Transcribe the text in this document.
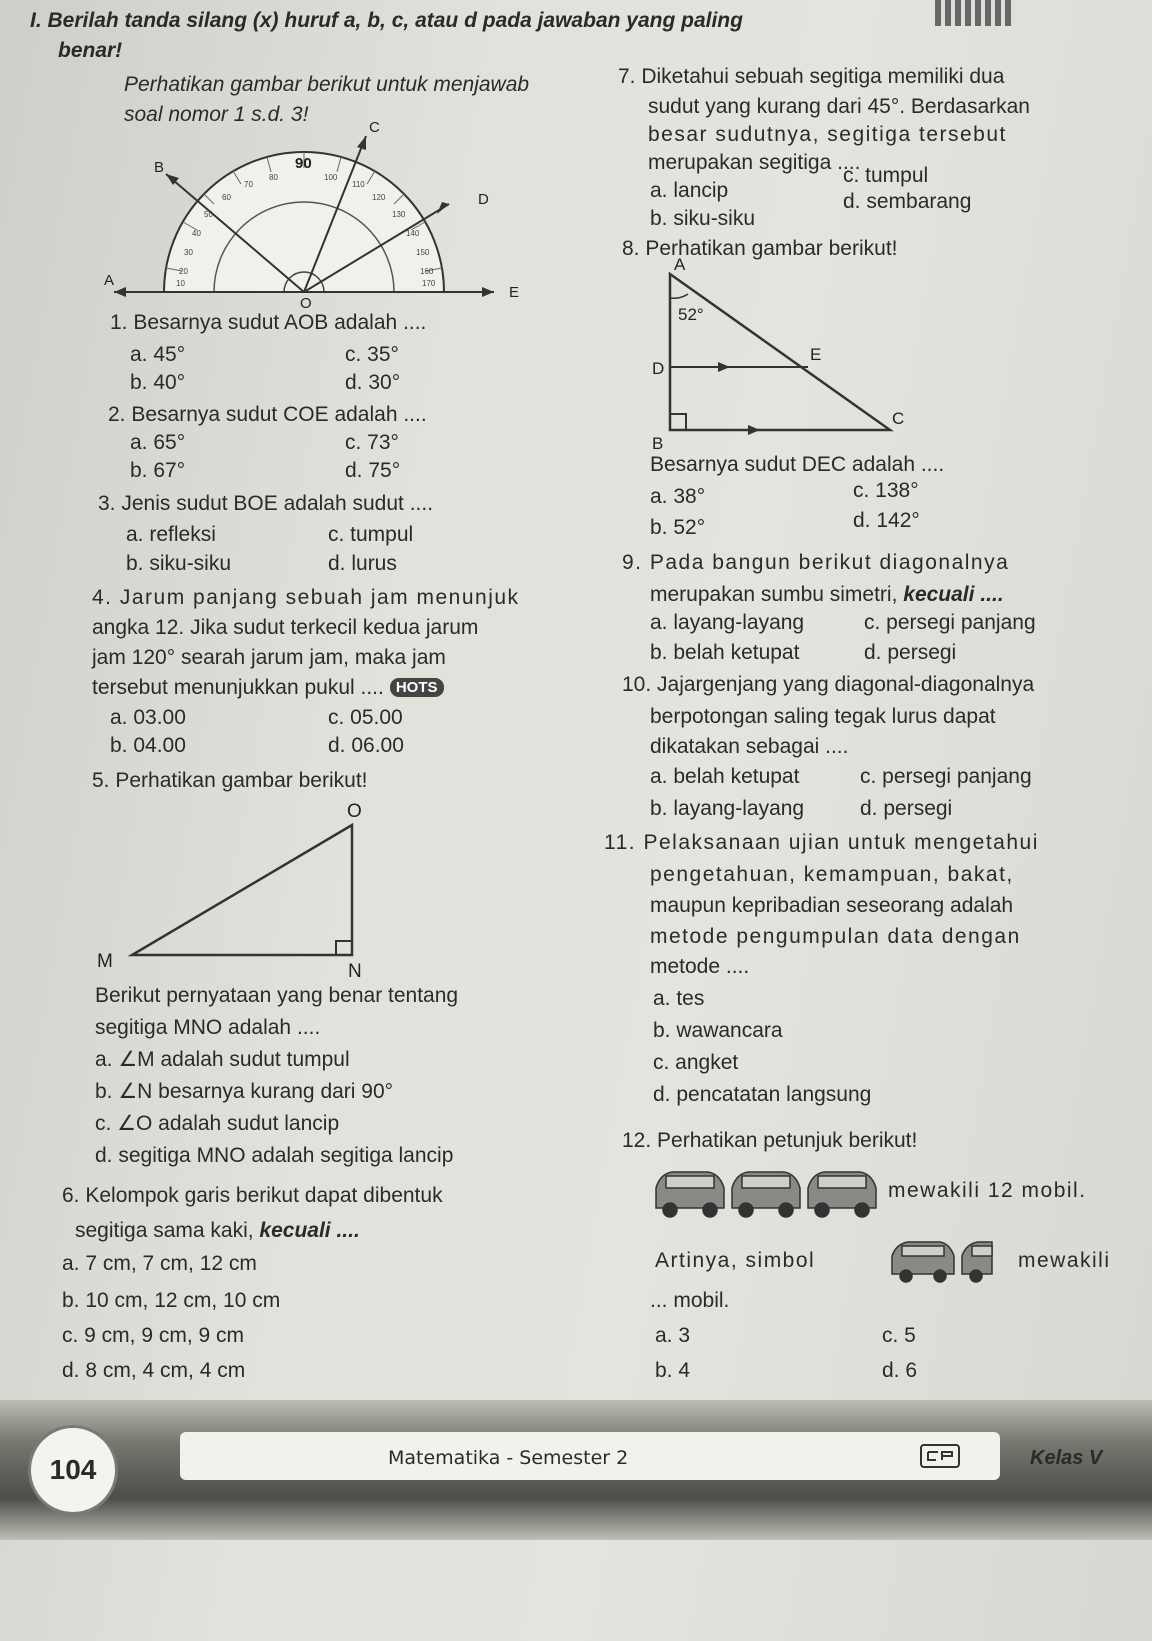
I. Berilah tanda silang (x) huruf a, b, c, atau d pada jawaban yang paling
benar!
Perhatikan gambar berikut untuk menjawab
soal nomor 1 s.d. 3!
90
80	100
70	110
60	120
50	130
40	140
30	150
20	160
10	170
A
B
C
D
E
O
1. Besarnya sudut AOB adalah ....
a. 45°	c. 35°
b. 40°	d. 30°
2. Besarnya sudut COE adalah ....
a. 65°	c. 73°
b. 67°	d. 75°
3. Jenis sudut BOE adalah sudut ....
a. refleksi	c. tumpul
b. siku-siku	d. lurus
4. Jarum panjang sebuah jam menunjuk
angka 12. Jika sudut terkecil kedua jarum
jam 120° searah jarum jam, maka jam
tersebut menunjukkan pukul .... HOTS
a. 03.00	c. 05.00
b. 04.00	d. 06.00
5. Perhatikan gambar berikut!
M
O
N
Berikut pernyataan yang benar tentang
segitiga MNO adalah ....
a. ∠M adalah sudut tumpul
b. ∠N besarnya kurang dari 90°
c. ∠O adalah sudut lancip
d. segitiga MNO adalah segitiga lancip
6. Kelompok garis berikut dapat dibentuk
segitiga sama kaki, kecuali ....
a. 7 cm, 7 cm, 12 cm
b. 10 cm, 12 cm, 10 cm
c. 9 cm, 9 cm, 9 cm
d. 8 cm, 4 cm, 4 cm
7. Diketahui sebuah segitiga memiliki dua
sudut yang kurang dari 45°. Berdasarkan
besar sudutnya, segitiga tersebut
merupakan segitiga ....
a. lancip
c. tumpul
b. siku-siku
d. sembarang
8. Perhatikan gambar berikut!
A
52°
D
E
C
B
Besarnya sudut DEC adalah ....
a. 38°	c. 138°
b. 52°	d. 142°
9. Pada bangun berikut diagonalnya
merupakan sumbu simetri, kecuali ....
a. layang-layang	c. persegi panjang
b. belah ketupat	d. persegi
10. Jajargenjang yang diagonal-diagonalnya
berpotongan saling tegak lurus dapat
dikatakan sebagai ....
a. belah ketupat	c. persegi panjang
b. layang-layang	d. persegi
11. Pelaksanaan ujian untuk mengetahui
pengetahuan, kemampuan, bakat,
maupun kepribadian seseorang adalah
metode pengumpulan data dengan
metode ....
a. tes
b. wawancara
c. angket
d. pencatatan langsung
12. Perhatikan petunjuk berikut!
mewakili 12 mobil.
Artinya, simbol	mewakili
... mobil.
a. 3	c. 5
b. 4	d. 6
104	Matematika - Semester 2	Kelas V
